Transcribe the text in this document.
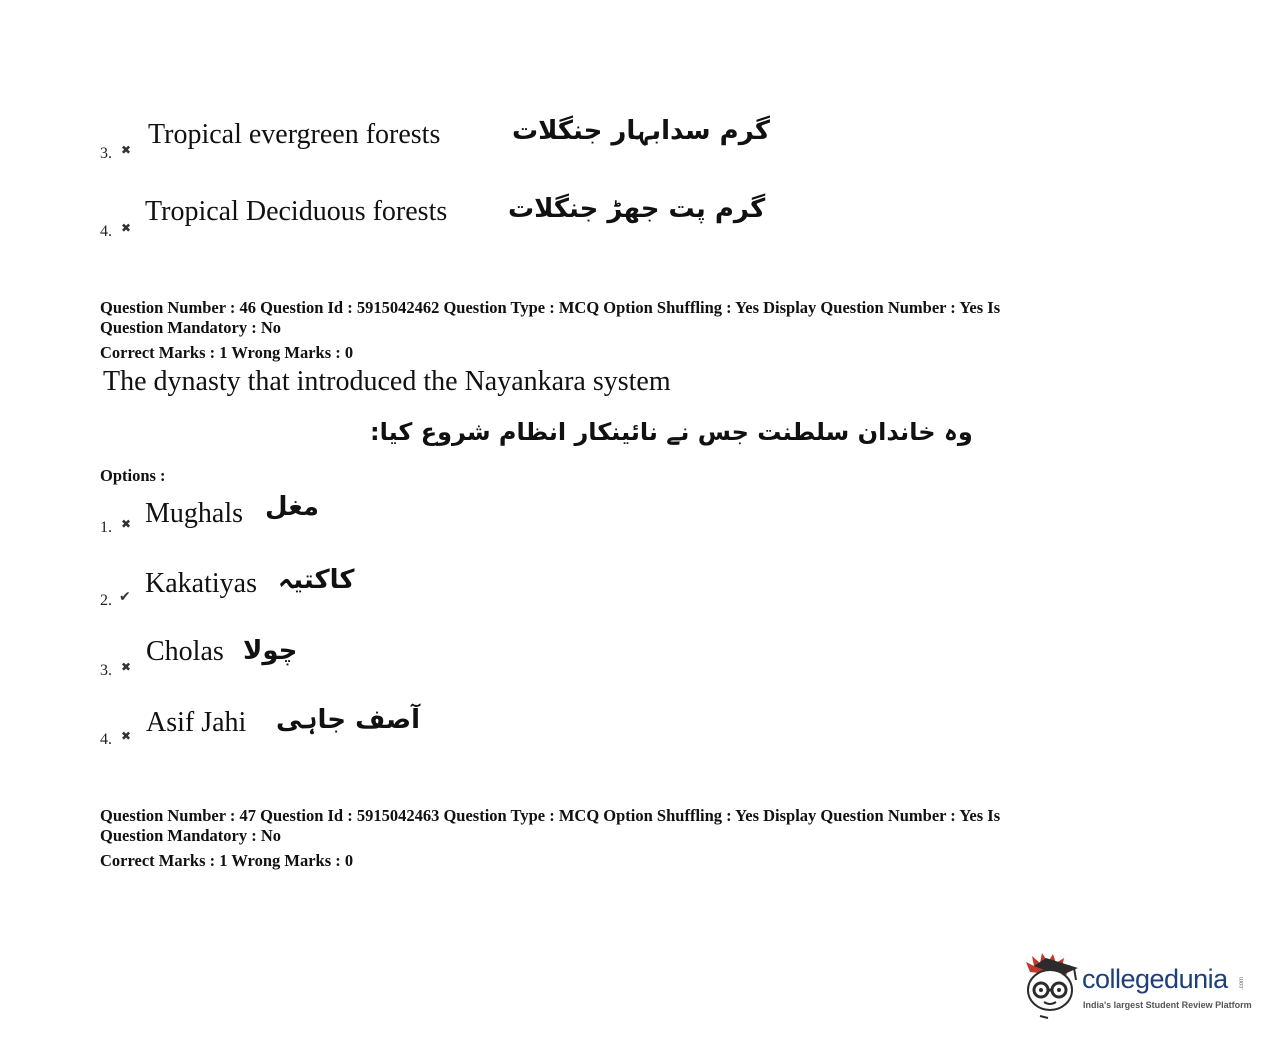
3. ✖ Tropical evergreen forests	گرم سدابہار جنگلات
4. ✖
Tropical Deciduous forests گرم پت جھڑ جنگلات
Question Number : 46 Question Id : 5915042462 Question Type : MCQ Option Shuffling : Yes Display Question Number : Yes Is
Question Mandatory : No
Correct Marks : 1 Wrong Marks : 0
The dynasty that introduced the Nayankara system
وہ خاندان سلطنت جس نے نائینکار انظام شروع کیا:
Options :
1. ✖ Mughals مغل
2. ✔ Kakatiyas کاکتیہ
3. ✖ Cholas چولا
4. ✖ Asif Jahi آصف جاہی
Question Number : 47 Question Id : 5915042463 Question Type : MCQ Option Shuffling : Yes Display Question Number : Yes Is
Question Mandatory : No
Correct Marks : 1 Wrong Marks : 0
collegedunia .com
India's largest Student Review Platform
